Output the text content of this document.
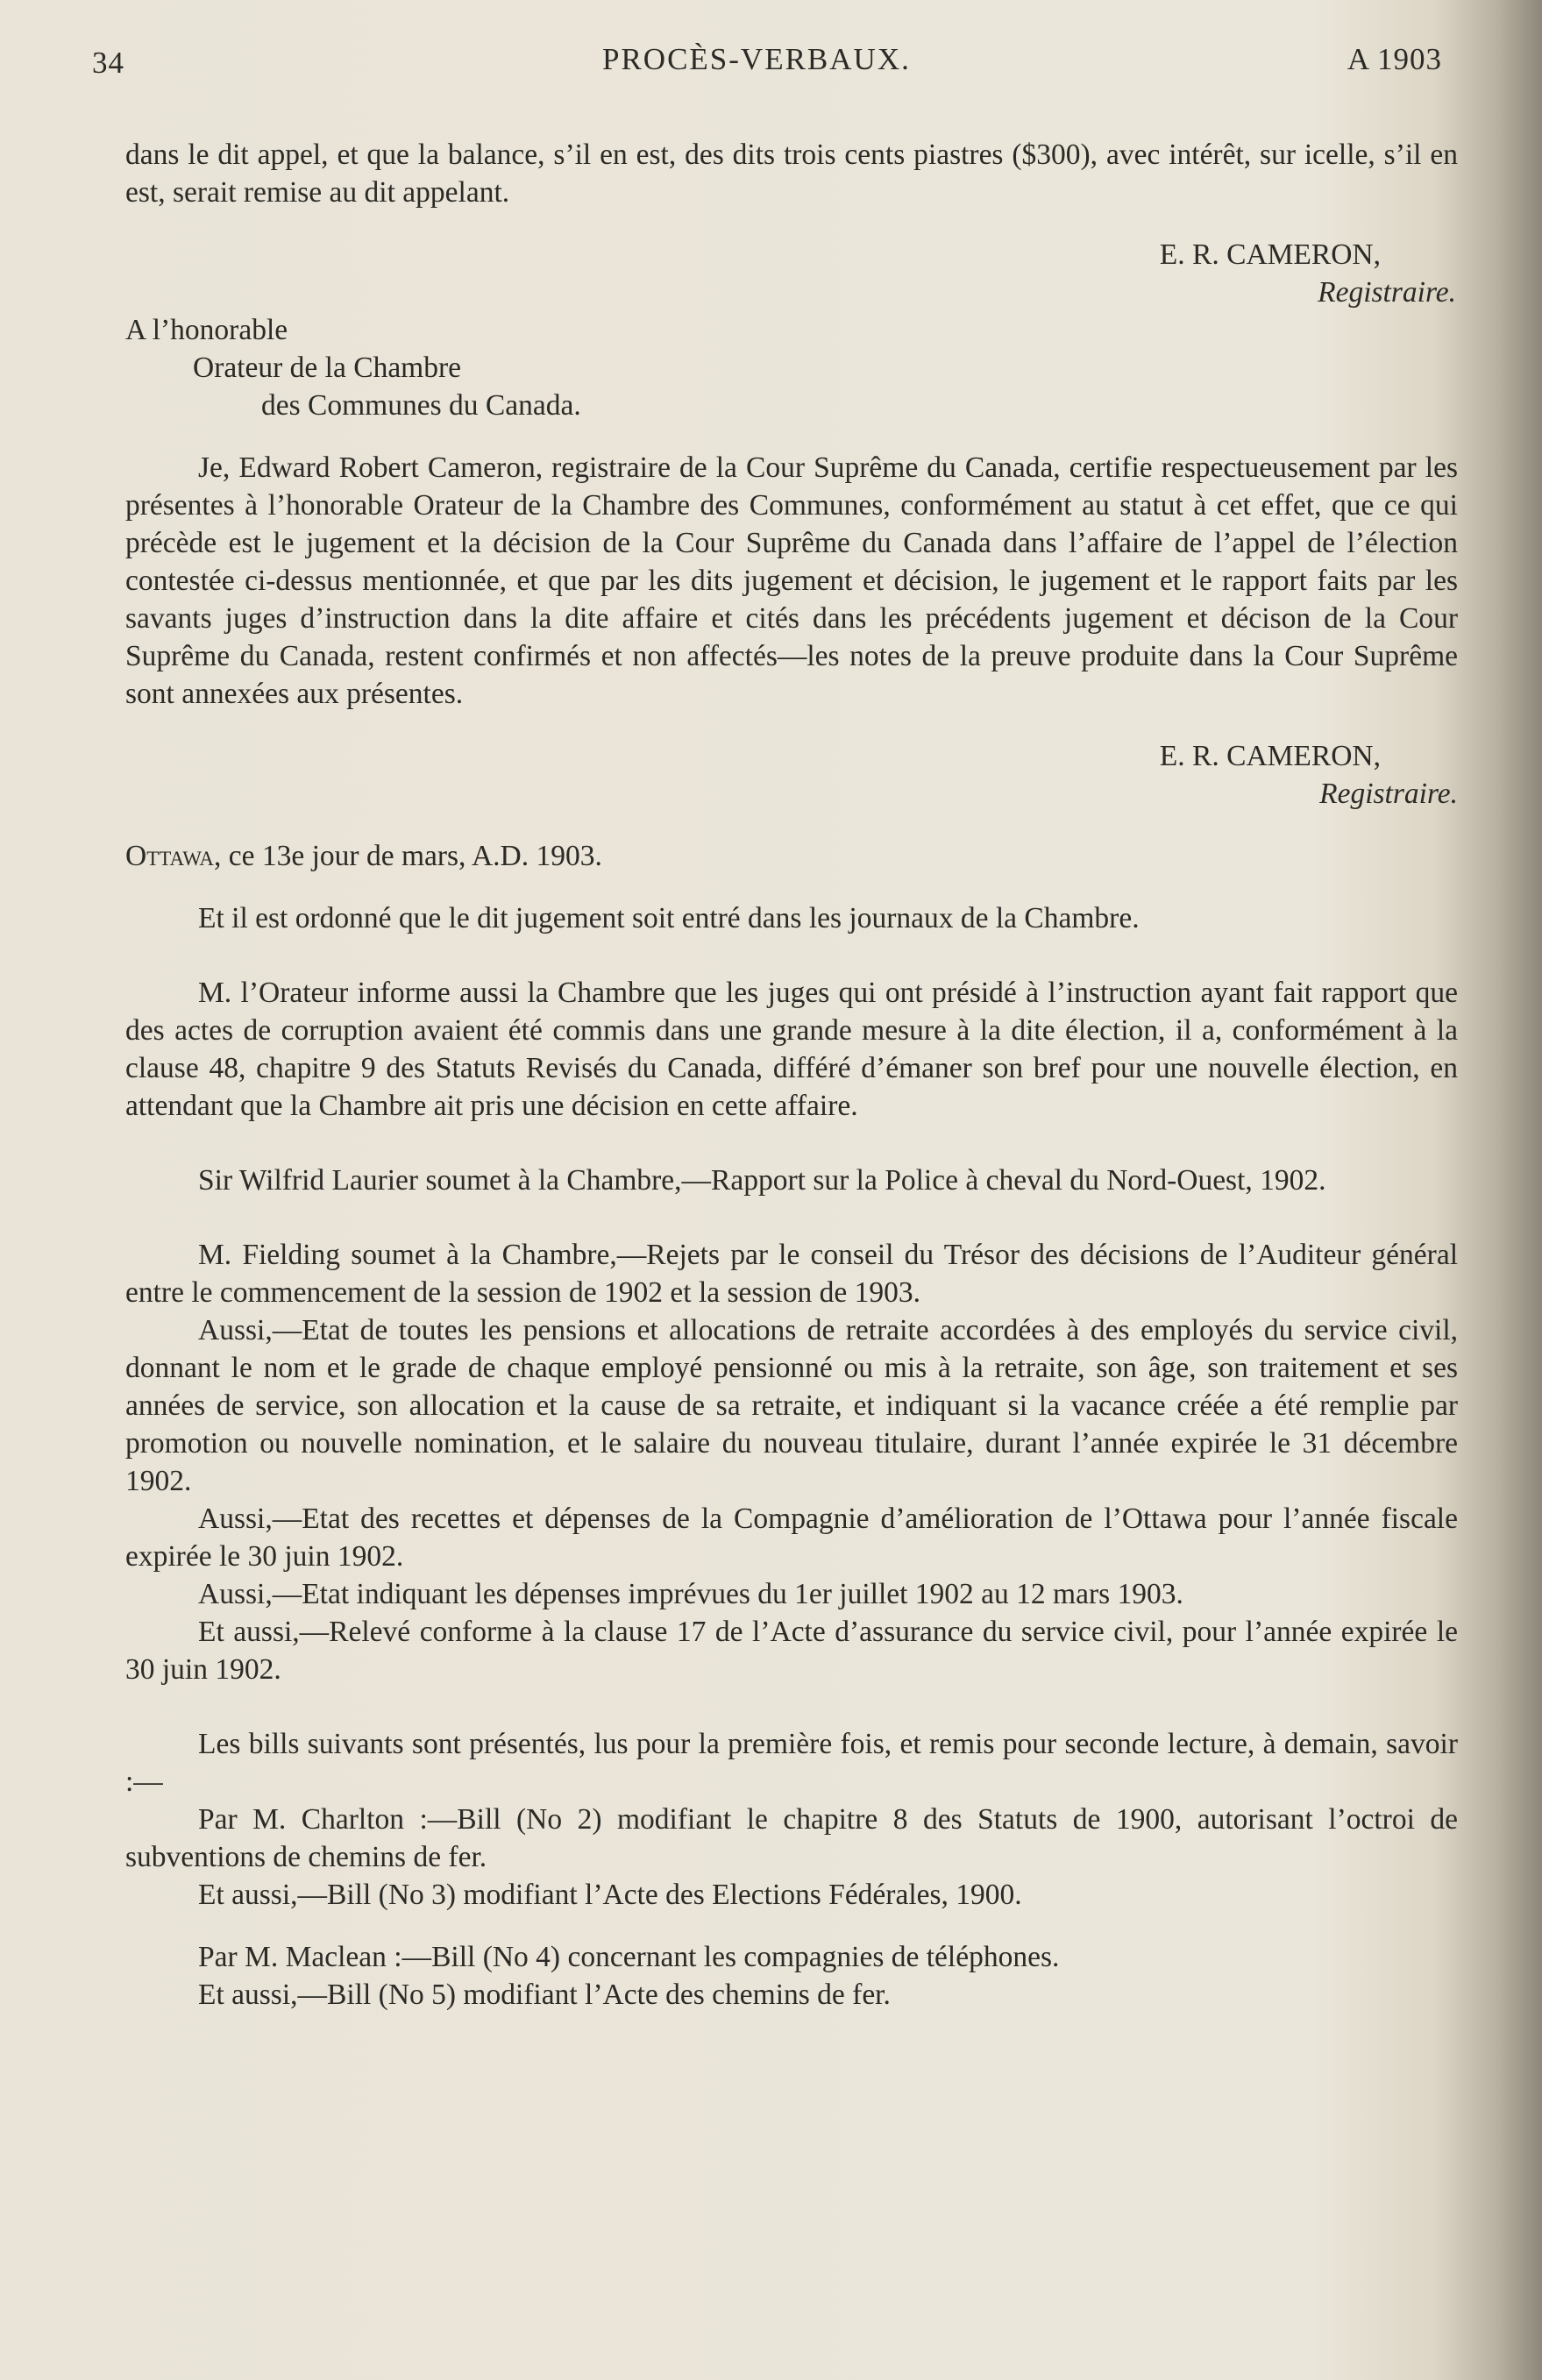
34	PROCÈS-VERBAUX.	A 1903

dans le dit appel, et que la balance, s’il en est, des dits trois cents piastres ($300), avec intérêt, sur icelle, s’il en est, serait remise au dit appelant.

E. R. CAMERON,

Registraire.

A l’honorable

Orateur de la Chambre

des Communes du Canada.

Je, Edward Robert Cameron, registraire de la Cour Suprême du Canada, certifie respectueusement par les présentes à l’honorable Orateur de la Chambre des Communes, conformément au statut à cet effet, que ce qui précède est le jugement et la décision de la Cour Suprême du Canada dans l’affaire de l’appel de l’élection contestée ci-dessus mentionnée, et que par les dits jugement et décision, le jugement et le rapport faits par les savants juges d’instruction dans la dite affaire et cités dans les précédents jugement et décison de la Cour Suprême du Canada, restent confirmés et non affectés—les notes de la preuve produite dans la Cour Suprême sont annexées aux présentes.

E. R. CAMERON,

Registraire.

Ottawa, ce 13e jour de mars, A.D. 1903.

Et il est ordonné que le dit jugement soit entré dans les journaux de la Chambre.

M. l’Orateur informe aussi la Chambre que les juges qui ont présidé à l’instruction ayant fait rapport que des actes de corruption avaient été commis dans une grande mesure à la dite élection, il a, conformément à la clause 48, chapitre 9 des Statuts Revisés du Canada, différé d’émaner son bref pour une nouvelle élection, en attendant que la Chambre ait pris une décision en cette affaire.

Sir Wilfrid Laurier soumet à la Chambre,—Rapport sur la Police à cheval du Nord-Ouest, 1902.

M. Fielding soumet à la Chambre,—Rejets par le conseil du Trésor des décisions de l’Auditeur général entre le commencement de la session de 1902 et la session de 1903.

Aussi,—Etat de toutes les pensions et allocations de retraite accordées à des employés du service civil, donnant le nom et le grade de chaque employé pensionné ou mis à la retraite, son âge, son traitement et ses années de service, son allocation et la cause de sa retraite, et indiquant si la vacance créée a été remplie par promotion ou nouvelle nomination, et le salaire du nouveau titulaire, durant l’année expirée le 31 décembre 1902.

Aussi,—Etat des recettes et dépenses de la Compagnie d’amélioration de l’Ottawa pour l’année fiscale expirée le 30 juin 1902.

Aussi,—Etat indiquant les dépenses imprévues du 1er juillet 1902 au 12 mars 1903.

Et aussi,—Relevé conforme à la clause 17 de l’Acte d’assurance du service civil, pour l’année expirée le 30 juin 1902.

Les bills suivants sont présentés, lus pour la première fois, et remis pour seconde lecture, à demain, savoir :—

Par M. Charlton :—Bill (No 2) modifiant le chapitre 8 des Statuts de 1900, autorisant l’octroi de subventions de chemins de fer.

Et aussi,—Bill (No 3) modifiant l’Acte des Elections Fédérales, 1900.

Par M. Maclean :—Bill (No 4) concernant les compagnies de téléphones.

Et aussi,—Bill (No 5) modifiant l’Acte des chemins de fer.
